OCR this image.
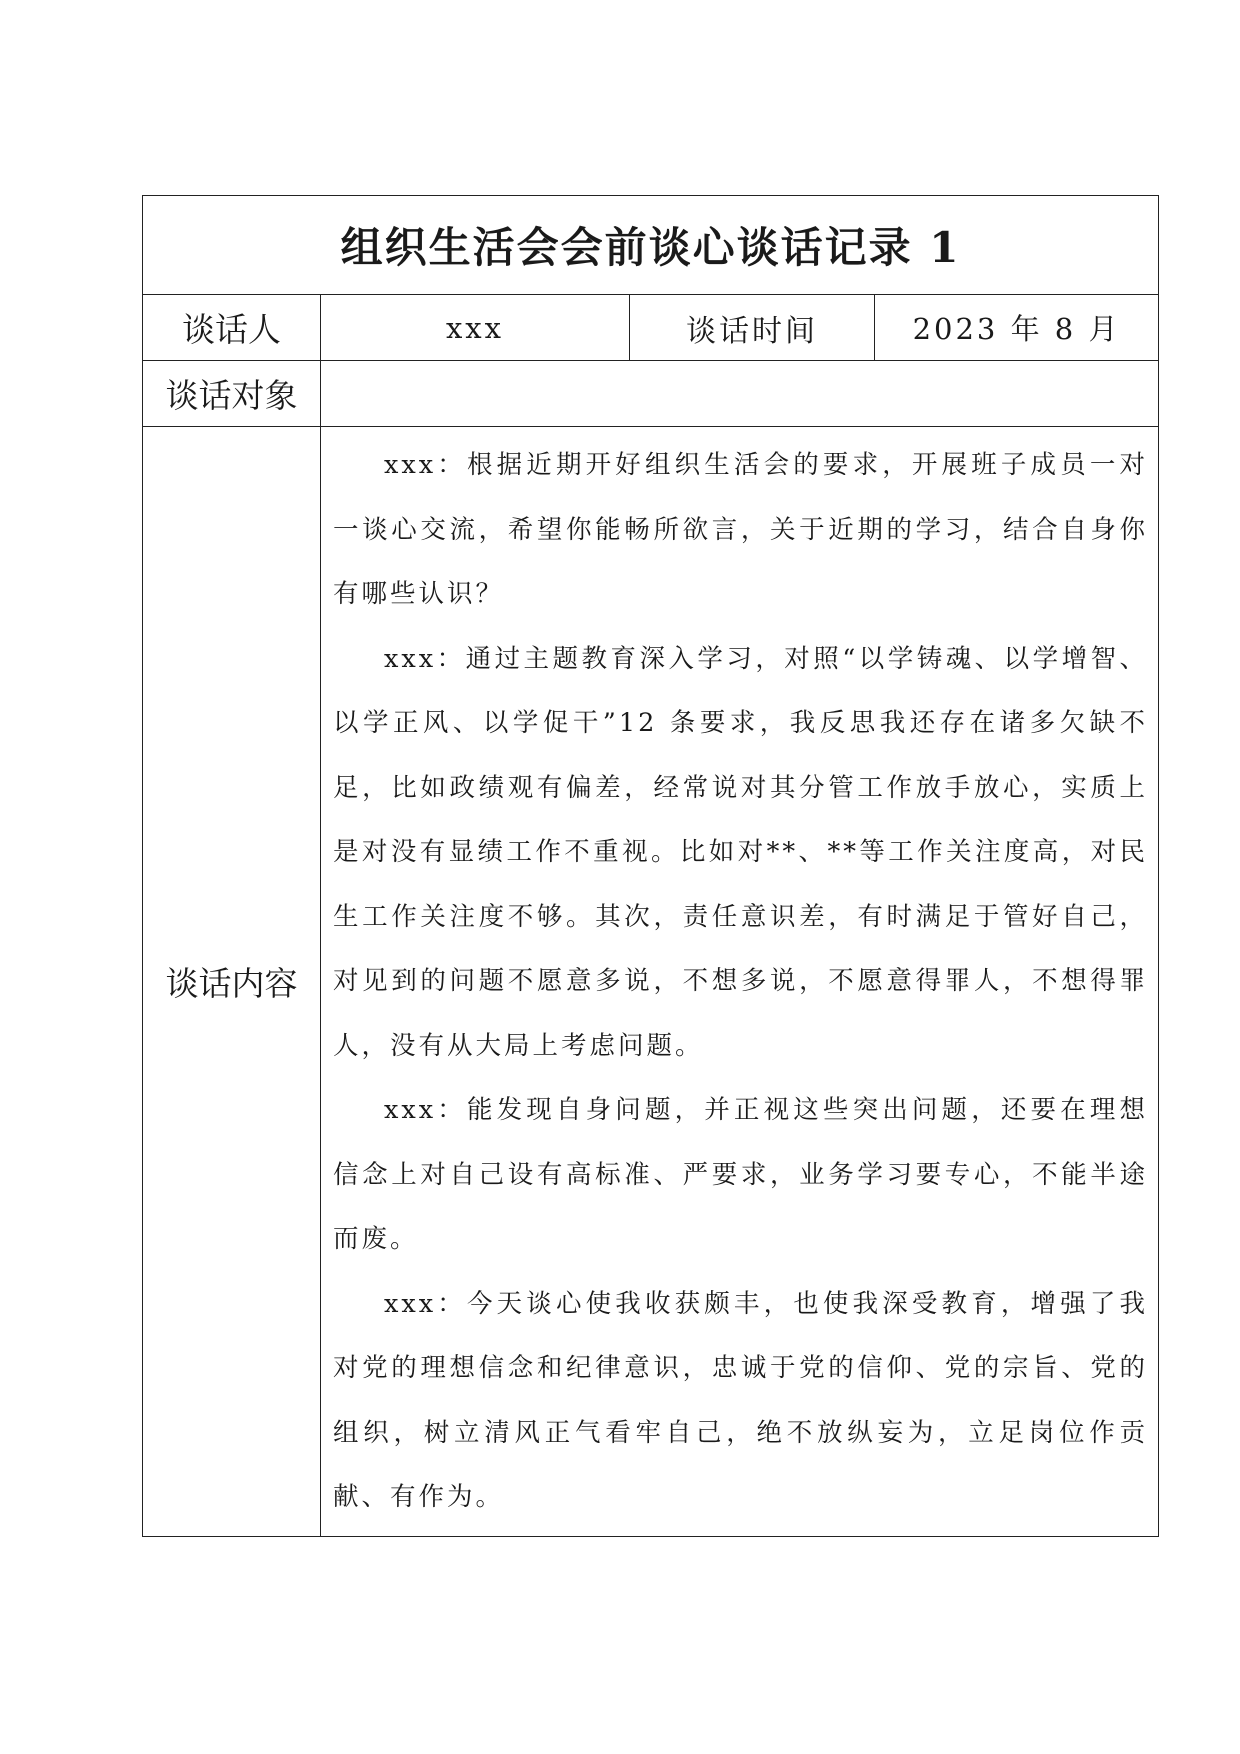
组织生活会会前谈心谈话记录 1			
谈话人	xxx	谈话时间	2023 年 8 月
谈话对象			
谈话内容	xxx：根据近期开好组织生活会的要求，开展班子成员一对一谈心交流，希望你能畅所欲言，关于近期的学习，结合自身你有哪些认识？

xxx：通过主题教育深入学习，对照“以学铸魂、以学增智、以学正风、以学促干”12 条要求，我反思我还存在诸多欠缺不足，比如政绩观有偏差，经常说对其分管工作放手放心，实质上是对没有显绩工作不重视。比如对**、**等工作关注度高，对民生工作关注度不够。其次，责任意识差，有时满足于管好自己，对见到的问题不愿意多说，不想多说，不愿意得罪人，不想得罪人，没有从大局上考虑问题。

xxx：能发现自身问题，并正视这些突出问题，还要在理想信念上对自己设有高标准、严要求，业务学习要专心，不能半途而废。

xxx：今天谈心使我收获颇丰，也使我深受教育，增强了我对党的理想信念和纪律意识，忠诚于党的信仰、党的宗旨、党的组织，树立清风正气看牢自己，绝不放纵妄为，立足岗位作贡献、有作为。		
